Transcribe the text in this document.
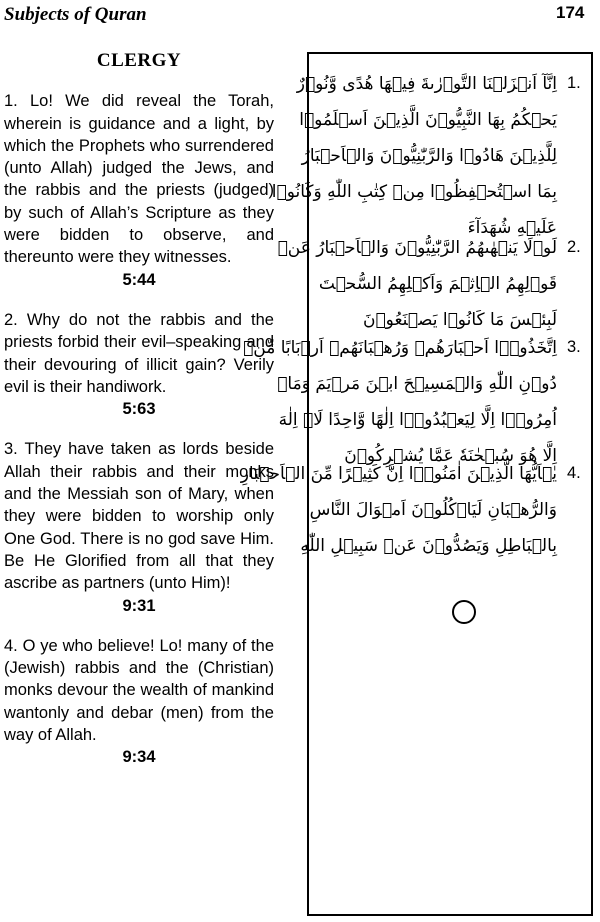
Subjects of Quran	174
CLERGY
1. Lo! We did reveal the Torah, wherein is guidance and a light, by which the Prophets who surrendered (unto Allah) judged the Jews, and the rabbis and the priests (judged) by such of Allah’s Scripture as they were bidden to observe, and thereunto were they witnesses.
5:44
2. Why do not the rabbis and the priests forbid their evil–speaking and their devouring of illicit gain? Verily evil is their handiwork.
5:63
3. They have taken as lords beside Allah their rabbis and their monks and the Messiah son of Mary, when they were bidden to worship only One God. There is no god save Him. Be He Glorified from all that they ascribe as partners (unto Him)!
9:31
4. O ye who believe! Lo! many of the (Jewish) rabbis and the (Christian) monks devour the wealth of mankind wantonly and debar (men) from the way of Allah.
9:34
1.
اِنَّآ اَنۡزَلۡنَا التَّوۡرٰىةَ فِيۡهَا هُدًى وَّنُوۡرٌ
يَحۡكُمُ بِهَا النَّبِيُّوۡنَ الَّذِيۡنَ اَسۡلَمُوۡا
لِلَّذِيۡنَ هَادُوۡا وَالرَّبّٰنِيُّوۡنَ وَالۡاَحۡبَارُ
بِمَا اسۡتُحۡفِظُوۡا مِنۡ كِتٰبِ اللّٰهِ وَكَانُوۡا
عَلَيۡهِ شُهَدَآءَ
2.
لَوۡلَا يَنۡهٰٮهُمُ الرَّبّٰنِيُّوۡنَ وَالۡاَحۡبَارُ عَنۡ
قَوۡلِهِمُ الۡاِثۡمَ وَاَكۡلِهِمُ السُّحۡتَ
لَبِئۡسَ مَا كَانُوۡا يَصۡنَعُوۡنَ
3.
اِتَّخَذُوۡۤا اَحۡبَارَهُمۡ وَرُهۡبَانَهُمۡ اَرۡبَابًا مِّنۡ
دُوۡنِ اللّٰهِ وَالۡمَسِيۡحَ ابۡنَ مَرۡيَمَ وَمَاۤ
اُمِرُوۡۤا اِلَّا لِيَعۡبُدُوۡۤا اِلٰهًا وَّاحِدًا لَاۤ اِلٰهَ
اِلَّا هُوَ سُبۡحٰنَهٗ عَمَّا يُشۡرِكُوۡنَ
4.
يٰۤاَيُّهَا الَّذِيۡنَ اٰمَنُوۡۤا اِنَّ كَثِيۡرًا مِّنَ الۡاَحۡبَارِ
وَالرُّهۡبَانِ لَيَاۡكُلُوۡنَ اَمۡوَالَ النَّاسِ
بِالۡبَاطِلِ وَيَصُدُّوۡنَ عَنۡ سَبِيۡلِ اللّٰهِ
